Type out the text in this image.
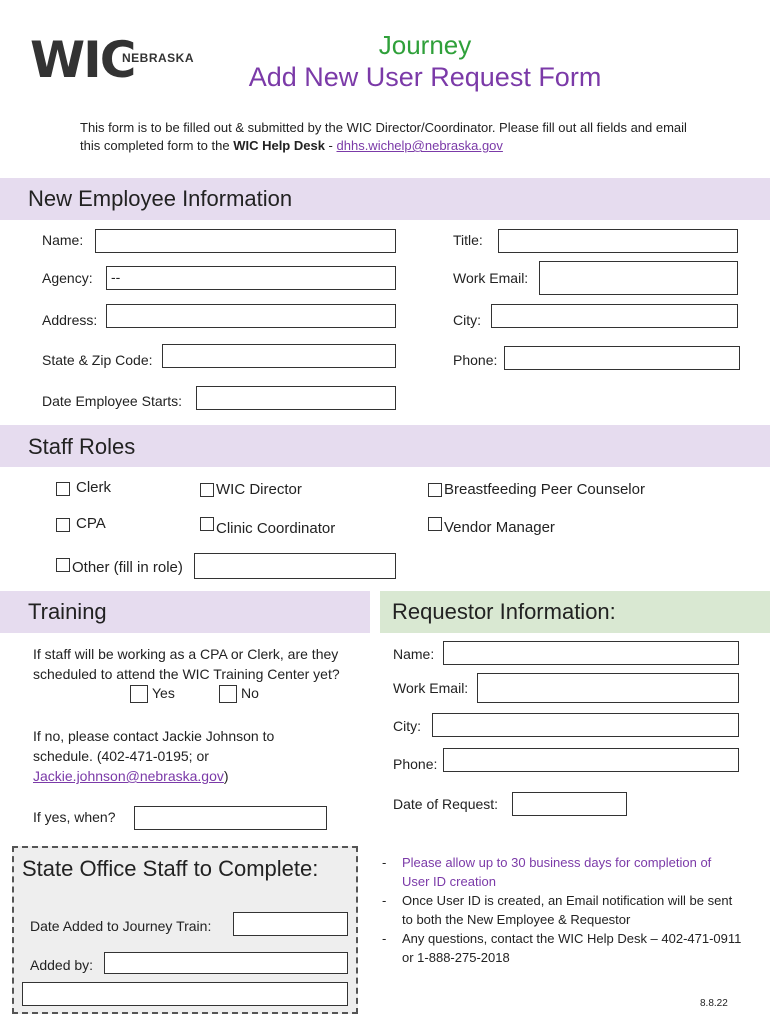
WIC
NEBRASKA	Journey
Add New User Request Form
This form is to be filled out & submitted by the WIC Director/Coordinator. Please fill out all fields and email this completed form to the WIC Help Desk - dhhs.wichelp@nebraska.gov
New Employee Information
Name:	Title:
Agency:	--	Work Email:
Address:	City:
State & Zip Code:	Phone:
Date Employee Starts:
Staff Roles
Clerk	WIC Director	Breastfeeding Peer Counselor
CPA	Clinic Coordinator	Vendor Manager
Other (fill in role)
Training
If staff will be working as a CPA or Clerk, are they scheduled to attend the WIC Training Center yet?
Yes	No
If no, please contact Jackie Johnson to schedule. (402-471-0195; or
Jackie.johnson@nebraska.gov)
If yes, when?
Requestor Information:
Name:
Work Email:
City:
Phone:
Date of Request:
State Office Staff to Complete:
Date Added to Journey Train:
Added by:
- Please allow up to 30 business days for completion of User ID creation
- Once User ID is created, an Email notification will be sent to both the New Employee & Requestor
- Any questions, contact the WIC Help Desk – 402-471-0911 or 1-888-275-2018
8.8.22
